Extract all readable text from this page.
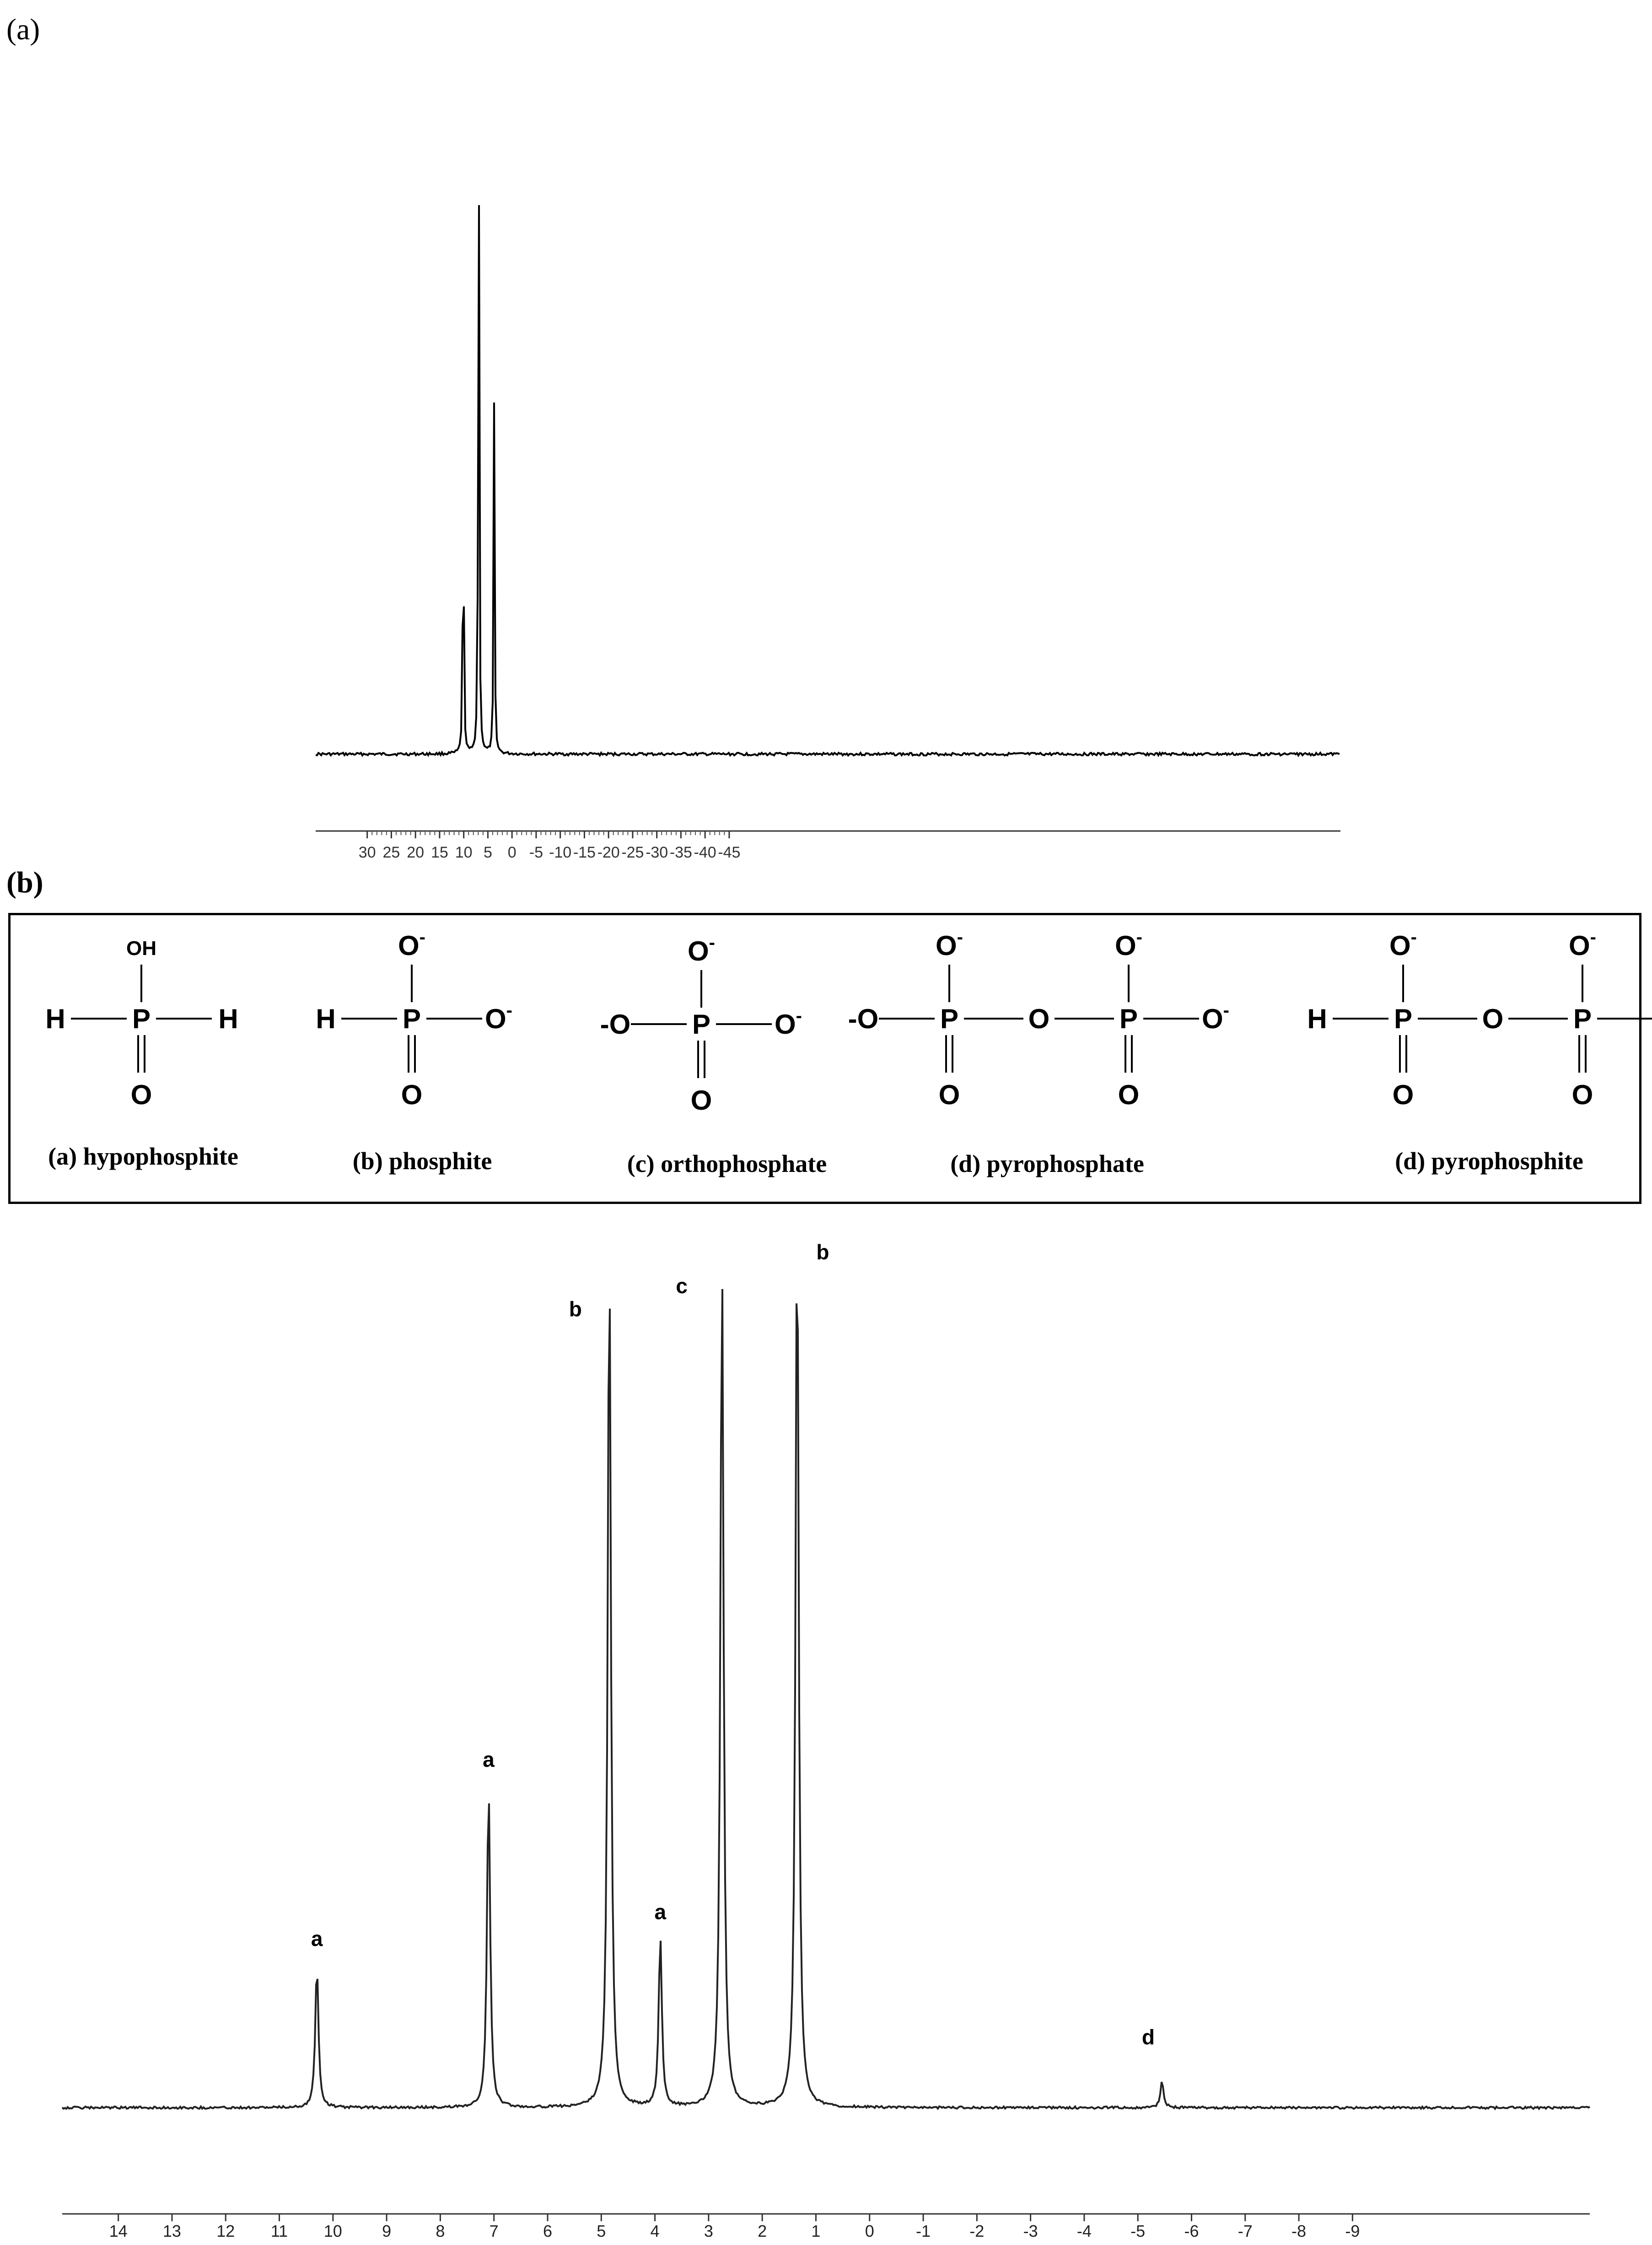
(a)
30 25 20 15 10 5 0 -5 -10 -15 -20 -25 -30 -35 -40 -45
(b)
P
OH
O
H	H
(a) hypophosphite
P
O-
O
H	O-
(b) phosphite
P
O-
O
-O	O-
(c) orthophosphate
P
O-
O
-O	P
O-
O
O-
O
(d) pyrophosphate
P
O-
O
H	P
O-
O
O
(d) pyrophosphite
14 13 12 11 10 9	8	7	6	5	4	3	2	1	0	-1 -2 -3 -4 -5 -6 -7 -8 -9
a
a
b
a
c
b
d
